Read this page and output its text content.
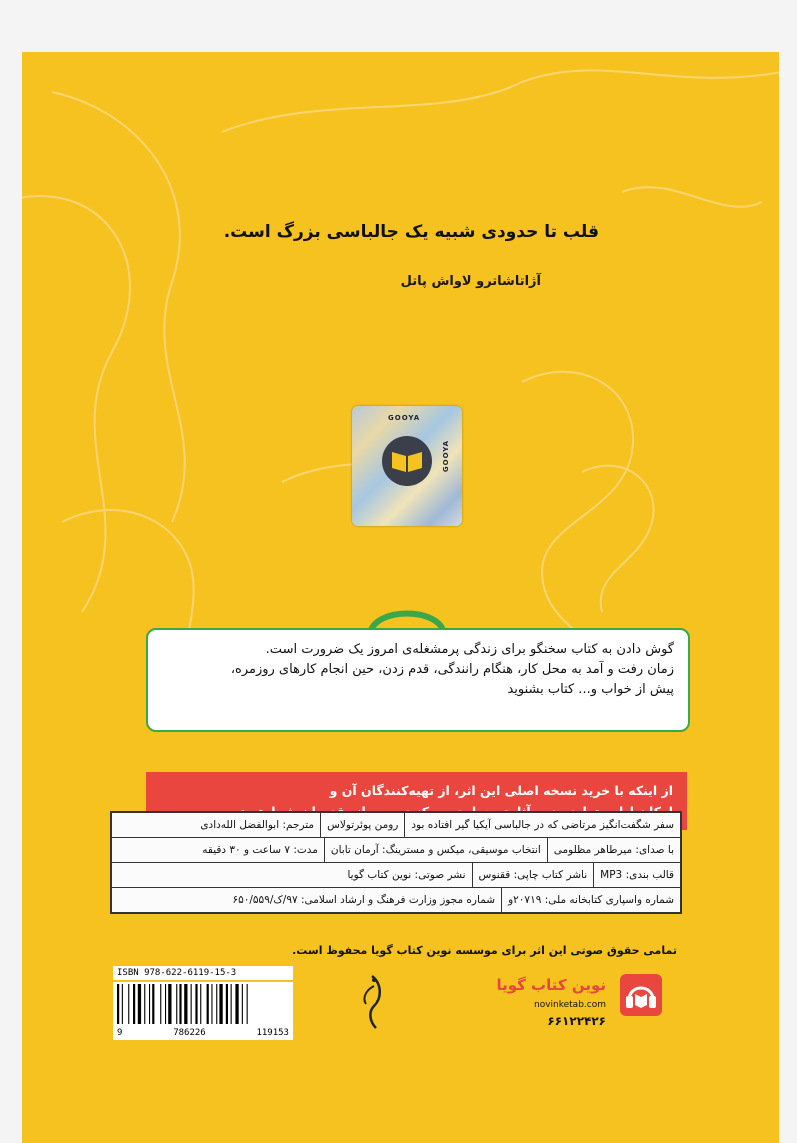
قلب تا حدودی شبیه یک جالباسی بزرگ است.
آژاتاشاترو لاواش پاتل
GOOYA
GOOYA
گوش دادن به کتاب سخنگو برای زندگی پرمشغله‌ی امروز یک ضرورت است.
زمان رفت و آمد به محل کار، هنگام رانندگی، قدم زدن، حین انجام کارهای روزمره،
پیش از خواب و... کتاب بشنوید
از اینکه با خرید نسخه اصلی این اثر، از تهیه‌کنندگان آن و
سفر شگفت‌انگیز مرتاضی که در جالباسی آیکیا گیر افتاده بود
رومن پوئرتولاس
مترجم: ابوالفضل الله‌دادی
با صدای: میرطاهر مظلومی
انتخاب موسیقی، میکس و مسترینگ: آرمان تابان
مدت: ۷ ساعت و ۳۰ دقیقه
قالب بندی: MP3
ناشر کتاب چاپی: ققنوس
نشر صوتی: نوین کتاب گویا
شماره واسپاری کتابخانه ملی: ۲۰۷۱۹و
شماره مجوز وزارت فرهنگ و ارشاد اسلامی: ۹۷/ک/۶۵۰/۵۵۹
تمامی حقوق صوتی این اثر برای موسسه نوین کتاب گویا محفوظ است.
ISBN 978-622-6119-15-3
9	786226	119153
نوین کتاب گویا
novinketab.com
۶۶۱۲۲۴۲۶
